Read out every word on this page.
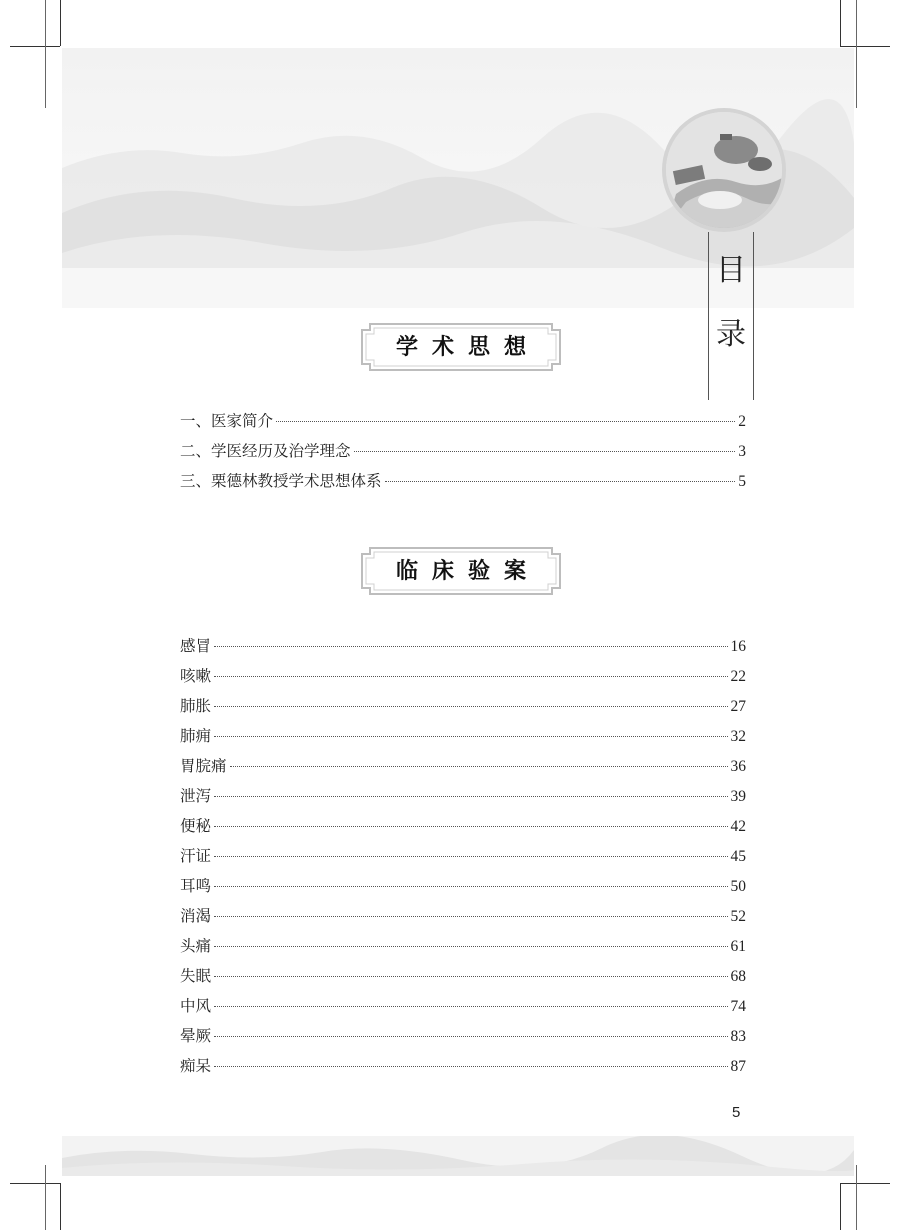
目
录
学术思想
一、医家简介	2
二、学医经历及治学理念	3
三、栗德林教授学术思想体系	5
临床验案
感冒	16
咳嗽	22
肺胀	27
肺痈	32
胃脘痛	36
泄泻	39
便秘	42
汗证	45
耳鸣	50
消渴	52
头痛	61
失眠	68
中风	74
晕厥	83
痴呆	87
5
